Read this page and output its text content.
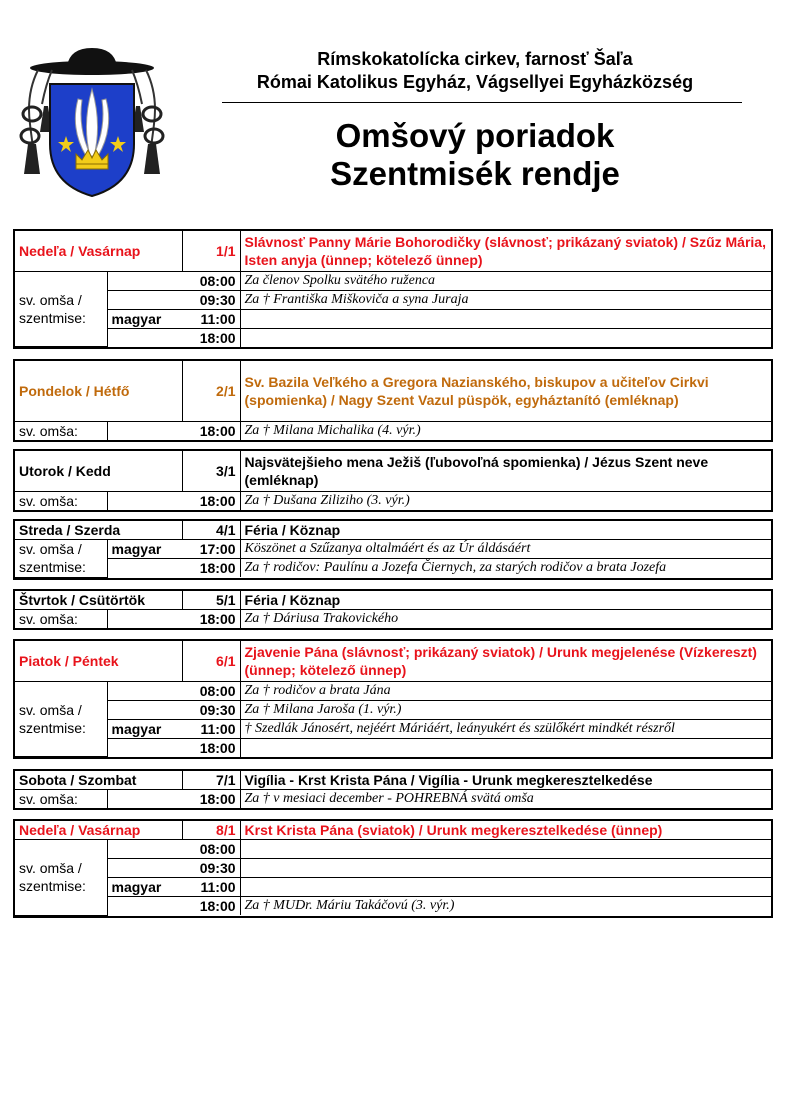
Rímskokatolícka cirkev, farnosť Šaľa
Római Katolikus Egyház, Vágsellyei Egyházközség
Omšový poriadok
Szentmisék rendje
Nedeľa / Vasárnap		1/1	Slávnosť Panny Márie Bohorodičky (slávnosť; prikázaný sviatok) / Szűz Mária, Isten anyja (ünnep; kötelező ünnep)
sv. omša / szentmise:		08:00	Za členov Spolku svätého ruženca
		09:30	Za † Františka Miškoviča a syna Juraja
	magyar	11:00	
		18:00	
Pondelok / Hétfő		2/1	Sv. Bazila Veľkého a Gregora Nazianského, biskupov a učiteľov Cirkvi (spomienka) / Nagy Szent Vazul püspök, egyháztanító (emléknap)
sv. omša:		18:00	Za † Milana Michalika (4. výr.)
Utorok / Kedd		3/1	Najsvätejšieho mena Ježiš (ľubovoľná spomienka) / Jézus Szent neve (emléknap)
sv. omša:		18:00	Za † Dušana Ziliziho (3. výr.)
Streda / Szerda		4/1	Féria / Köznap
sv. omša / szentmise:	magyar	17:00	Köszönet a Szűzanya oltalmáért és az Úr áldásáért
		18:00	Za † rodičov: Paulínu a Jozefa Čiernych, za starých rodičov a brata Jozefa
Štvrtok / Csütörtök		5/1	Féria / Köznap
sv. omša:		18:00	Za † Dáriusa Trakovického
Piatok / Péntek		6/1	Zjavenie Pána (slávnosť; prikázaný sviatok) / Urunk megjelenése (Vízkereszt) (ünnep; kötelező ünnep)
sv. omša / szentmise:		08:00	Za † rodičov a brata Jána
		09:30	Za † Milana Jaroša (1. výr.)
	magyar	11:00	† Szedlák Jánosért, nejéért Máriáért, leányukért és szülőkért mindkét részről
		18:00	
Sobota / Szombat		7/1	Vigília - Krst Krista Pána / Vigília - Urunk megkeresztelkedése
sv. omša:		18:00	Za † v mesiaci december - POHREBNÁ svätá omša
Nedeľa / Vasárnap		8/1	Krst Krista Pána (sviatok) / Urunk megkeresztelkedése (ünnep)
sv. omša / szentmise:		08:00	
		09:30	
	magyar	11:00	
		18:00	Za † MUDr. Máriu Takáčovú (3. výr.)
